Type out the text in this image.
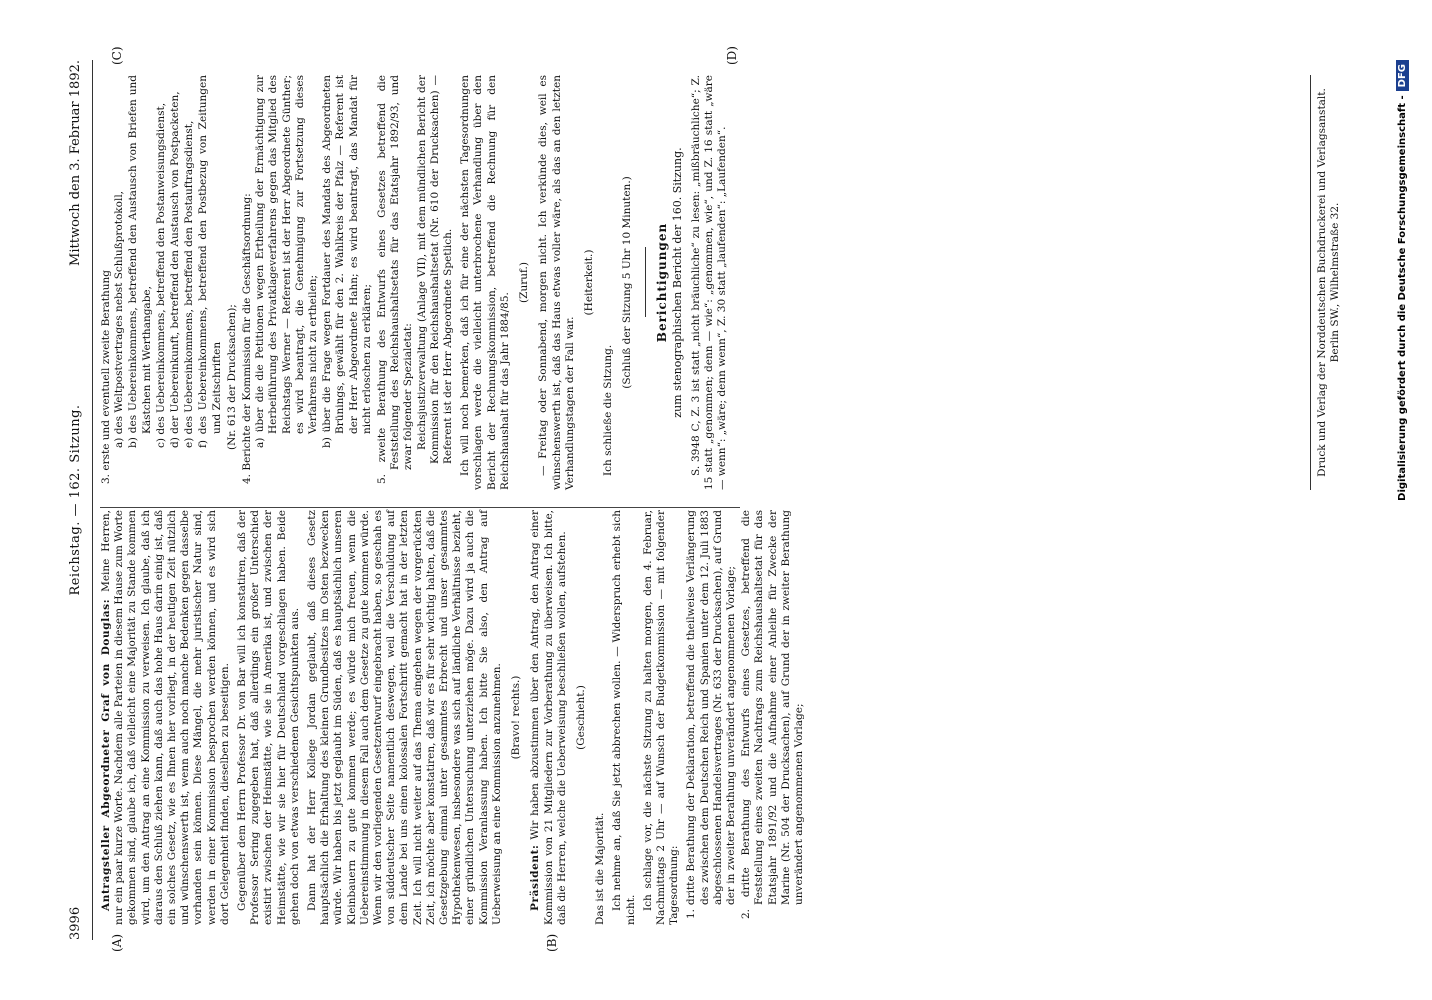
3996
Reichstag. — 162. Sitzung.
Mittwoch den 3. Februar 1892.
(A)	(B)
(C)	(D)

Antragsteller Abgeordneter Graf von Douglas: Meine Herren, nur ein paar kurze Worte. Nachdem alle Parteien in diesem Hause zum Worte gekommen sind, glaube ich, daß vielleicht eine Majorität zu Stande kommen wird, um den Antrag an eine Kommission zu verweisen. Ich glaube, daß ich daraus den Schluß ziehen kann, daß auch das hohe Haus darin einig ist, daß ein solches Gesetz, wie es Ihnen hier vorliegt, in der heutigen Zeit nützlich und wünschenswerth ist, wenn auch noch manche Bedenken gegen dasselbe vorhanden sein können. Diese Mängel, die mehr juristischer Natur sind, werden in einer Kommission besprochen werden können, und es wird sich dort Gelegenheit finden, dieselben zu beseitigen. Gegenüber dem Herrn Professor Dr. von Bar will ich konstatiren, daß der Professor Sering zugegeben hat, daß allerdings ein großer Unterschied existirt zwischen der Heimstätte, wie sie in Amerika ist, und zwischen der Heimstätte, wie wir sie hier für Deutschland vorgeschlagen haben. Beide gehen doch von etwas verschiedenen Gesichtspunkten aus. Dann hat der Herr Kollege Jordan geglaubt, daß dieses Gesetz hauptsächlich die Erhaltung des kleinen Grundbesitzes im Osten bezwecken würde. Wir haben bis jetzt geglaubt im Süden, daß es hauptsächlich unseren Kleinbauern zu gute kommen werde; es würde mich freuen, wenn die Uebereinstimmung in diesem Fall auch dem Gesetze zu gute kommen würde. Wenn wir den vorliegenden Gesetzentwurf eingebracht haben, so geschah es von süddeutscher Seite namentlich deswegen, weil die Verschuldung auf dem Lande bei uns einen kolossalen Fortschritt gemacht hat in der letzten Zeit. Ich will nicht weiter auf das Thema eingehen wegen der vorgerückten Zeit, ich möchte aber konstatiren, daß wir es für sehr wichtig halten, daß die Gesetzgebung einmal unter gesammtes Erbrecht und unser gesammtes Hypothekenwesen, insbesondere was sich auf ländliche Verhältnisse bezieht, einer gründlichen Untersuchung unterziehen möge. Dazu wird ja auch die Kommission Veranlassung haben. Ich bitte Sie also, den Antrag auf Ueberweisung an eine Kommission anzunehmen. (Bravo! rechts.)

Präsident: Wir haben abzustimmen über den Antrag, den Antrag einer Kommission von 21 Mitgliedern zur Vorberathung zu überweisen. Ich bitte, daß die Herren, welche die Ueberweisung beschließen wollen, aufstehen. (Geschieht.)

Das ist die Majorität. Ich nehme an, daß Sie jetzt abbrechen wollen. — Widerspruch erhebt sich nicht. Ich schlage vor, die nächste Sitzung zu halten morgen, den 4. Februar, Nachmittags 2 Uhr — auf Wunsch der Budgetkommission — mit folgender Tagesordnung: 1. dritte Berathung der Deklaration, betreffend die theilweise Verlängerung des zwischen dem Deutschen Reich und Spanien unter dem 12. Juli 1883 abgeschlossenen Handelsvertrages (Nr. 633 der Drucksachen), auf Grund der in zweiter Berathung unverändert angenommenen Vorlage; 2. dritte Berathung des Entwurfs eines Gesetzes, betreffend die Feststellung eines zweiten Nachtrags zum Reichshaushaltsetat für das Etatsjahr 1891/92 und die Aufnahme einer Anleihe für Zwecke der Marine (Nr. 504 der Drucksachen), auf Grund der in zweiter Berathung unverändert angenommenen Vorlage;
3. erste und eventuell zweite Berathung a) des Weltpostvertrages nebst Schlußprotokoll, b) des Uebereinkommens, betreffend den Austausch von Briefen und Kästchen mit Werthangabe, c) des Uebereinkommens, betreffend den Postanweisungsdienst, d) der Uebereinkunft, betreffend den Austausch von Postpacketen, e) des Uebereinkommens, betreffend den Postauftragsdienst, f) des Uebereinkommens, betreffend den Postbezug von Zeitungen und Zeitschriften (Nr. 613 der Drucksachen); 4. Berichte der Kommission für die Geschäftsordnung: a) über die die Petitionen wegen Ertheilung der Ermächtigung zur Herbeiführung des Privatklageverfahrens gegen das Mitglied des Reichstags Werner — Referent ist der Herr Abgeordnete Günther; es wird beantragt, die Genehmigung zur Fortsetzung dieses Verfahrens nicht zu ertheilen; b) über die Frage wegen Fortdauer des Mandats des Abgeordneten Brünings, gewählt für den 2. Wahlkreis der Pfalz — Referent ist der Herr Abgeordnete Hahn; es wird beantragt, das Mandat für nicht erloschen zu erklären; 5. zweite Berathung des Entwurfs eines Gesetzes betreffend die Feststellung des Reichshaushaltsetats für das Etatsjahr 1892/93, und zwar folgender Spezialetat: Reichsjustizverwaltung (Anlage VII), mit dem mündlichen Bericht der Kommission für den Reichshaushaltsetat (Nr. 610 der Drucksachen) — Referent ist der Herr Abgeordnete Spetlich. Ich will noch bemerken, daß ich für eine der nächsten Tagesordnungen vorschlagen werde die vielleicht unterbrochene Verhandlung über den Bericht der Rechnungskommission, betreffend die Rechnung für den Reichshaushalt für das Jahr 1884/85.

(Zuruf.) — Freitag oder Sonnabend, morgen nicht. Ich verkünde dies, weil es wünschenswerth ist, daß das Haus etwas voller wäre, als das an den letzten Verhandlungstagen der Fall war.

(Heiterkeit.)

Ich schließe die Sitzung.

(Schluß der Sitzung 5 Uhr 10 Minuten.) Berichtigungen zum stenographischen Bericht der 160. Sitzung. S. 3948 C, Z. 3 ist statt „nicht bräuchliche“ zu lesen: „mißbräuchliche“; Z. 15 statt „genommen; denn — wie“: „genommen, wie“, und Z. 16 statt „wäre — wenn“: „wäre; denn wenn“, Z. 30 statt „laufenden“: „Laufenden“.	Druck und Verlag der Norddeutschen Buchdruckerei und Verlagsanstalt. Berlin SW., Wilhelmstraße 32.	Digitalisierung gefördert durch die Deutsche Forschungsgemeinschaft -DFG
